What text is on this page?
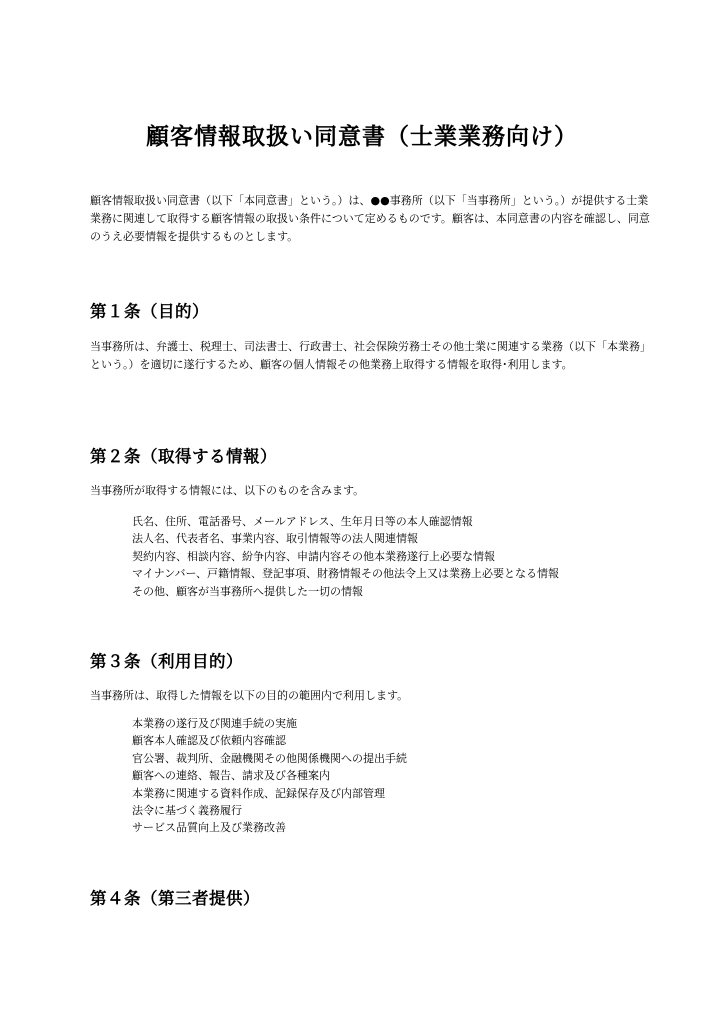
顧客情報取扱い同意書（士業業務向け）

顧客情報取扱い同意書（以下「本同意書」という。）は、●●事務所（以下「当事務所」という。）が提供する士業業務に関連して取得する顧客情報の取扱い条件について定めるものです。顧客は、本同意書の内容を確認し、同意のうえ必要情報を提供するものとします。

第１条（目的）

当事務所は、弁護士、税理士、司法書士、行政書士、社会保険労務士その他士業に関連する業務（以下「本業務」という。）を適切に遂行するため、顧客の個人情報その他業務上取得する情報を取得･利用します。

第２条（取得する情報）

当事務所が取得する情報には、以下のものを含みます。

氏名、住所、電話番号、メールアドレス、生年月日等の本人確認情報
法人名、代表者名、事業内容、取引情報等の法人関連情報
契約内容、相談内容、紛争内容、申請内容その他本業務遂行上必要な情報
マイナンバー、戸籍情報、登記事項、財務情報その他法令上又は業務上必要となる情報
その他、顧客が当事務所へ提供した一切の情報
第３条（利用目的）

当事務所は、取得した情報を以下の目的の範囲内で利用します。

本業務の遂行及び関連手続の実施
顧客本人確認及び依頼内容確認
官公署、裁判所、金融機関その他関係機関への提出手続
顧客への連絡、報告、請求及び各種案内
本業務に関連する資料作成、記録保存及び内部管理
法令に基づく義務履行
サービス品質向上及び業務改善
第４条（第三者提供）
